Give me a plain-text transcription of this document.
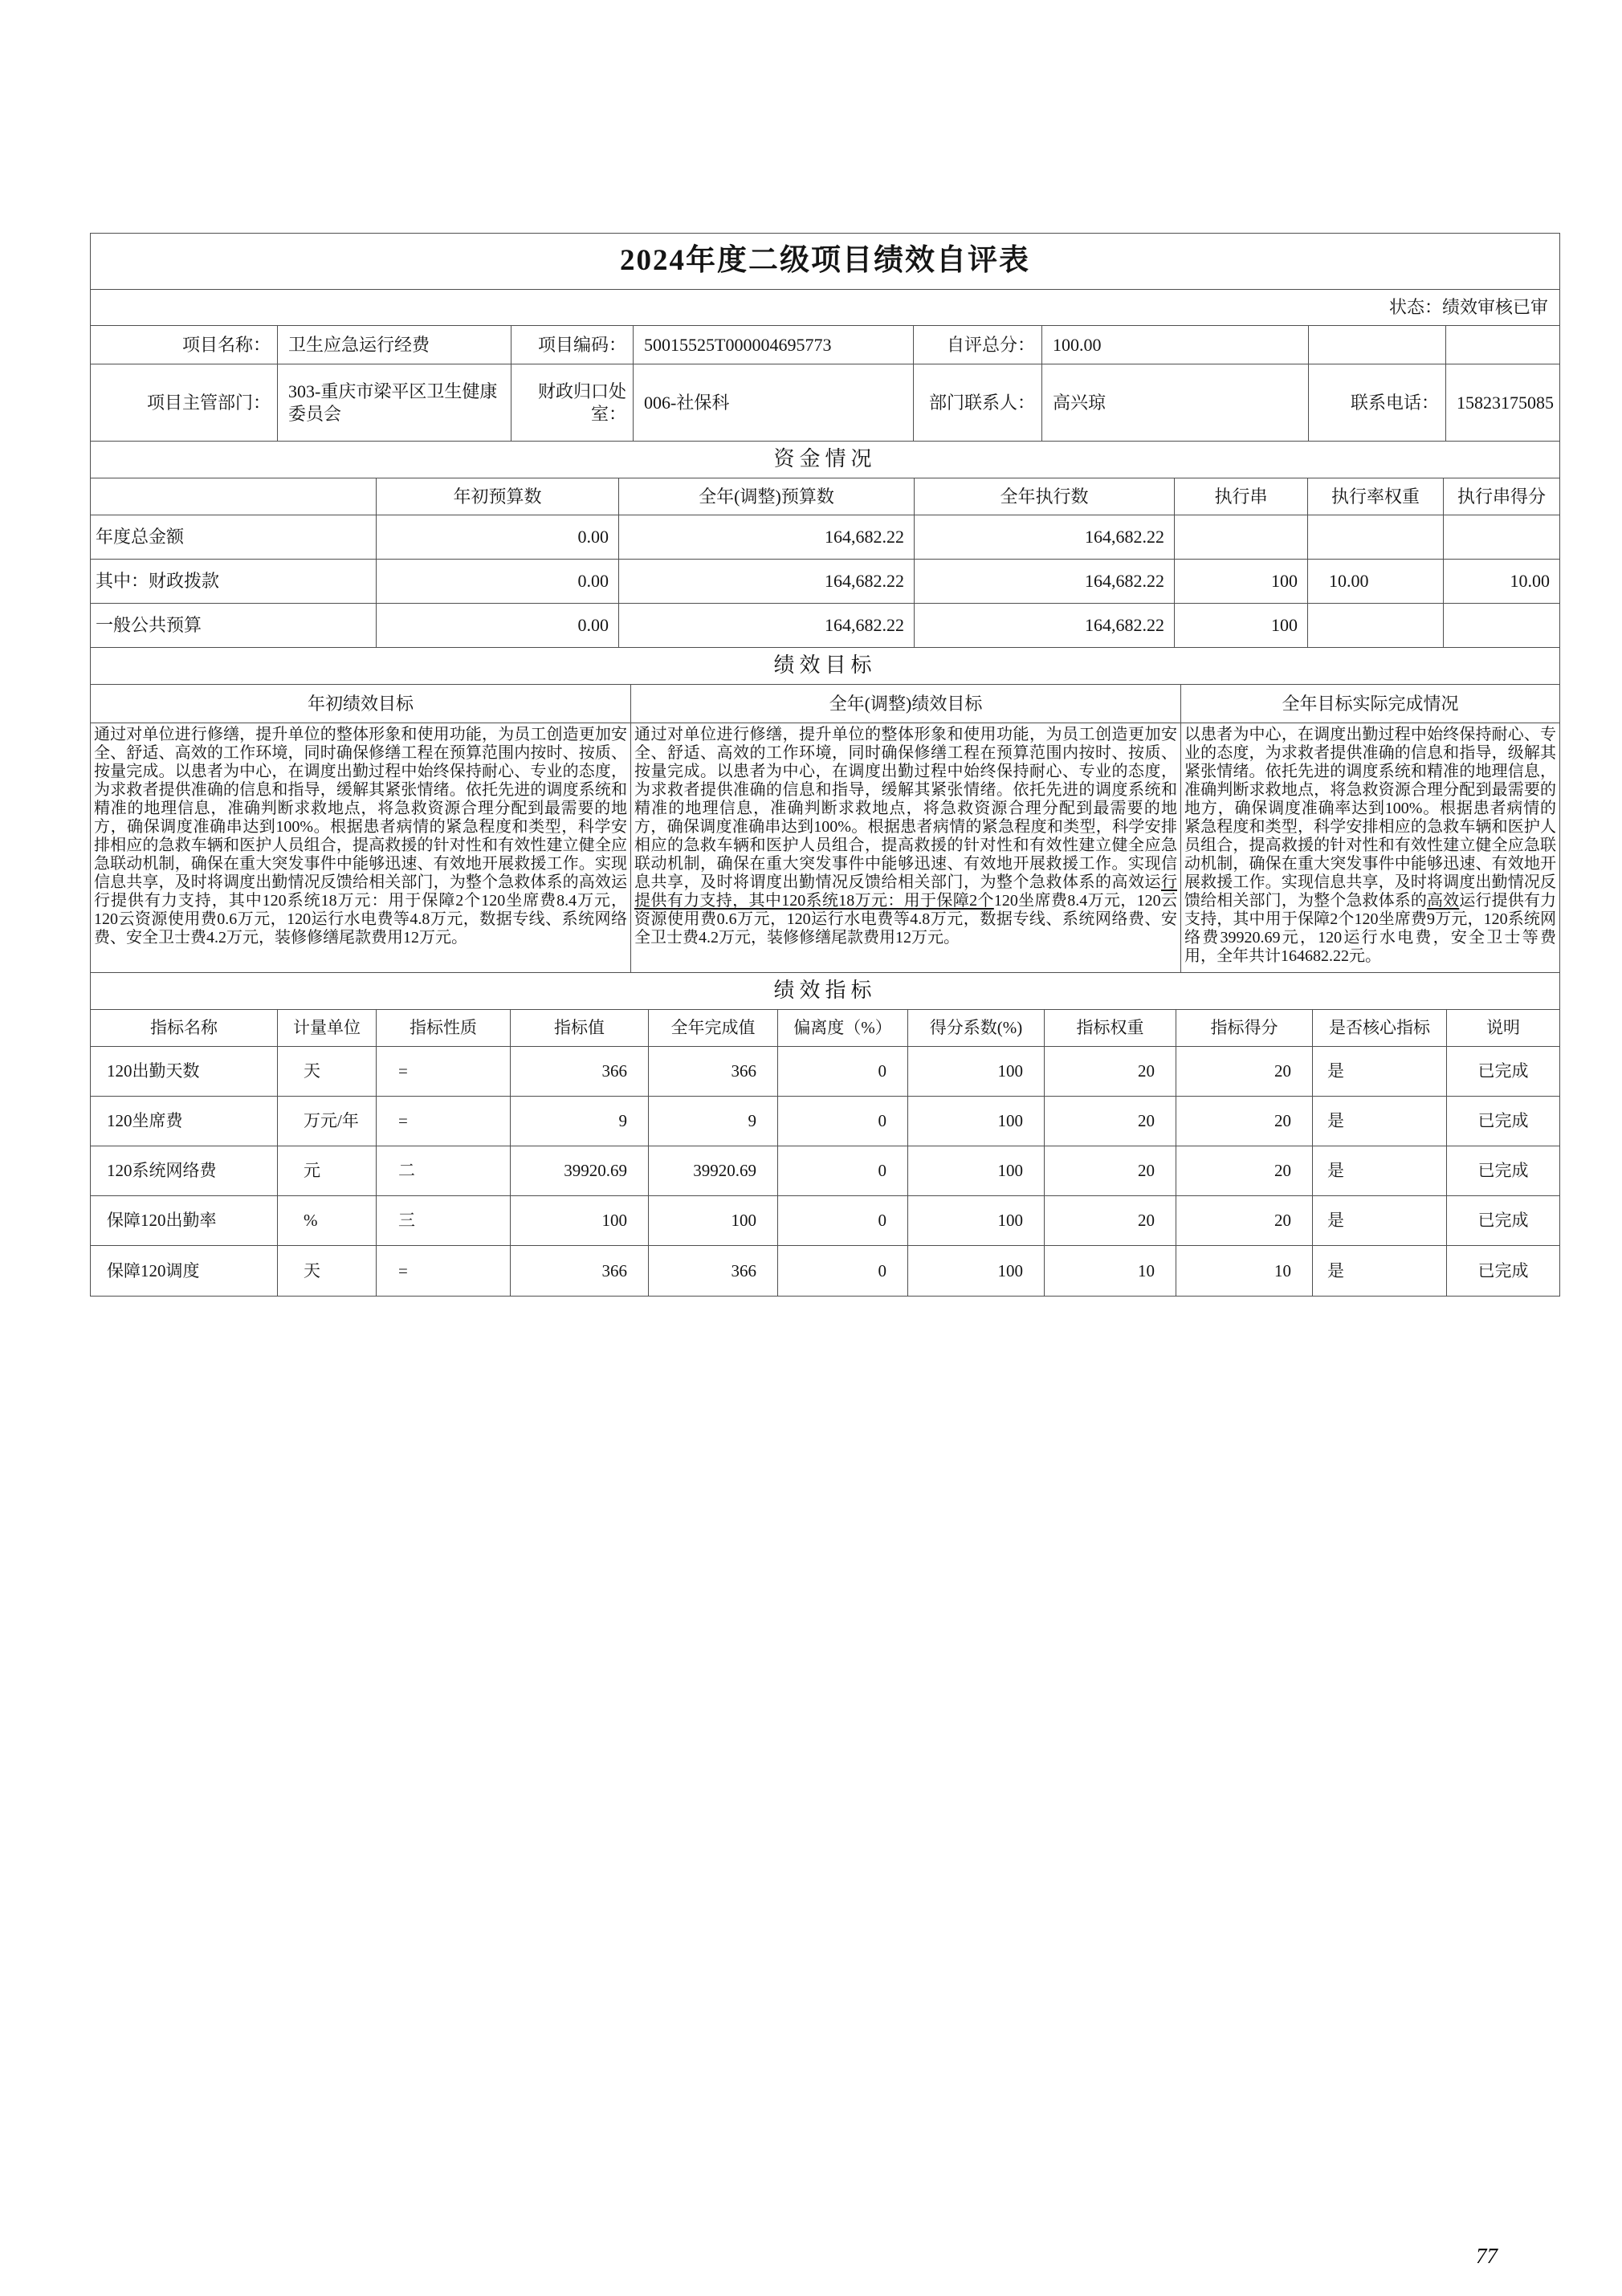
2024年度二级项目绩效自评表
状态：绩效审核已审
项目名称：	卫生应急运行经费	项目编码：	50015525T000004695773	自评总分：	100.00
项目主管部门：
303-重庆市梁平区卫生健康委员会
财政归口处室：
006-社保科	部门联系人：	高兴琼	联系电话：	15823175085
资金情况
年初预算数	全年(调整)预算数	全年执行数	执行串	执行率权重	执行串得分
年度总金额	0.00	164,682.22	164,682.22
其中：财政拨款	0.00	164,682.22	164,682.22	100	10.00	10.00
一般公共预算	0.00	164,682.22	164,682.22	100
绩效目标
年初绩效目标	全年(调整)绩效目标	全年目标实际完成情况
通过对单位进行修缮，提升单位的整体形象和使用功能，为员工创造更加安全、舒适、高效的工作环境，同时确保修缮工程在预算范围内按时、按质、按量完成。以患者为中心，在调度出勤过程中始终保持耐心、专业的态度，为求救者提供准确的信息和指导，缓解其紧张情绪。依托先进的调度系统和精准的地理信息，准确判断求救地点，将急救资源合理分配到最需要的地方，确保调度准确串达到100%。根据患者病情的紧急程度和类型，科学安排相应的急救车辆和医护人员组合，提高救援的针对性和有效性建立健全应急联动机制，确保在重大突发事件中能够迅速、有效地开展救援工作。实现信息共享，及时将调度出勤情况反馈给相关部门，为整个急救体系的高效运行提供有力支持，其中120系统18万元：用于保障2个120坐席费8.4万元，120云资源使用费0.6万元，120运行水电费等4.8万元，数据专线、系统网络费、安全卫士费4.2万元，装修修缮尾款费用12万元。
通过对单位进行修缮，提升单位的整体形象和使用功能，为员工创造更加安全、舒适、高效的工作环境，同时确保修缮工程在预算范围内按时、按质、按量完成。以患者为中心，在调度出勤过程中始终保持耐心、专业的态度，为求救者提供准确的信息和指导，缓解其紧张情绪。依托先进的调度系统和精准的地理信息，准确判断求救地点，将急救资源合理分配到最需要的地方，确保调度准确串达到100%。根据患者病情的紧急程度和类型，科学安排相应的急救车辆和医护人员组合，提高救援的针对性和有效性建立健全应急联动机制，确保在重大突发事件中能够迅速、有效地开展救援工作。实现信息共享，及时将谓度出勤情况反馈给相关部门，为整个急救体系的高效运行提供有力支持，其中120系统18万元：用于保障2个120坐席费8.4万元，120云资源使用费0.6万元，120运行水电费等4.8万元，数据专线、系统网络费、安全卫士费4.2万元，装修修缮尾款费用12万元。
以患者为中心，在调度出勤过程中始终保持耐心、专业的态度，为求救者提供准确的信息和指导，级解其紧张情绪。依托先进的调度系统和精准的地理信息，准确判断求救地点，将急救资源合理分配到最需要的地方，确保调度准确率达到100%。根据患者病情的紧急程度和类型，科学安排相应的急救车辆和医护人员组合，提高救援的针对性和有效性建立健全应急联动机制，确保在重大突发事件中能够迅速、有效地开展救援工作。实现信息共享，及时将调度出勤情况反馈给相关部门，为整个急救体系的高效运行提供有力支持，其中用于保障2个120坐席费9万元，120系统网络费39920.69元，120运行水电费，安全卫士等费用，全年共计164682.22元。
绩效指标
指标名称	计量单位	指标性质	指标值	全年完成值	偏离度（%）	得分系数(%)	指标权重	指标得分	是否核心指标	说明
120出勤天数	天	=	366	366	0	100	20	20	是	已完成
120坐席费	万元/年	=	9	9	0	100	20	20	是	已完成
120系统网络费	元	二	39920.69	39920.69	0	100	20	20	是	已完成
保障120出勤率	%	三	100	100	0	100	20	20	是	已完成
保障120调度	天	=	366	366	0	100	10	10	是	已完成
77
